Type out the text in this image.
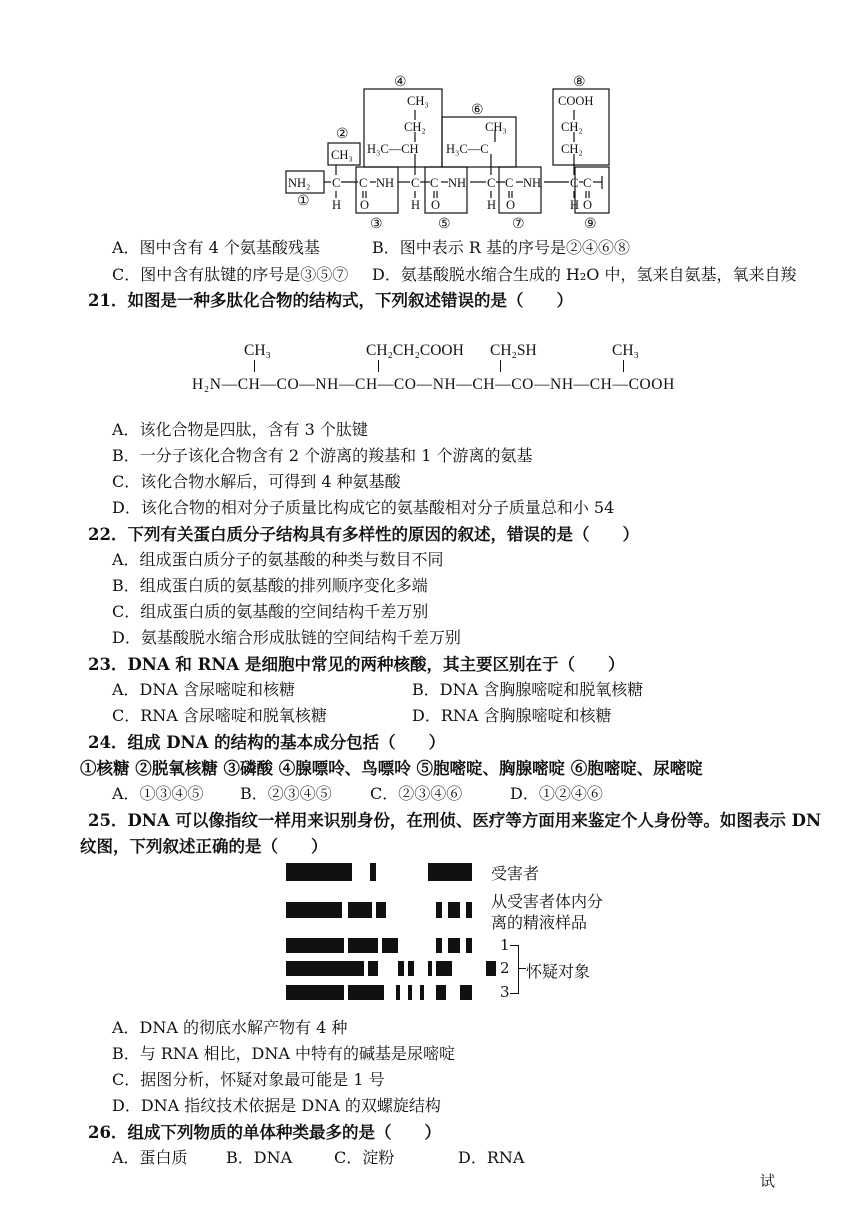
NH₂
CH₃
CH₃
CH₂
H₃C—CH
CH₃
H₃C—C
COOH
CH₂
CH₂
C C NH C C NH C C NH C C
H	H	H	H
O	O	O	O
①
②
③
④
⑤
⑥
⑦
⑧
⑨
A．图中含有 4 个氨基酸残基	B．图中表示 R 基的序号是②④⑥⑧
C．图中含有肽键的序号是③⑤⑦ D．氨基酸脱水缩合生成的 H₂O 中，氢来自氨基，氧来自羧
21．如图是一种多肽化合物的结构式，下列叙述错误的是（　　）
CH₃	CH₂CH₂COOH CH₂SH	CH₃
H₂N—CH—CO—NH—CH—CO—NH—CH—CO—NH—CH—COOH
A．该化合物是四肽，含有 3 个肽键
B．一分子该化合物含有 2 个游离的羧基和 1 个游离的氨基
C．该化合物水解后，可得到 4 种氨基酸
D．该化合物的相对分子质量比构成它的氨基酸相对分子质量总和小 54
22．下列有关蛋白质分子结构具有多样性的原因的叙述，错误的是（　　）
A．组成蛋白质分子的氨基酸的种类与数目不同
B．组成蛋白质的氨基酸的排列顺序变化多端
C．组成蛋白质的氨基酸的空间结构千差万别
D．氨基酸脱水缩合形成肽链的空间结构千差万别
23．DNA 和 RNA 是细胞中常见的两种核酸，其主要区别在于（　　）
A．DNA 含尿嘧啶和核糖	B．DNA 含胸腺嘧啶和脱氧核糖
C．RNA 含尿嘧啶和脱氧核糖	D．RNA 含胸腺嘧啶和核糖
24．组成 DNA 的结构的基本成分包括（　　）
①核糖 ②脱氧核糖 ③磷酸 ④腺嘌呤、鸟嘌呤 ⑤胞嘧啶、胸腺嘧啶 ⑥胞嘧啶、尿嘧啶
A．①③④⑤ B．②③④⑤ C．②③④⑥	D．①②④⑥
25．DNA 可以像指纹一样用来识别身份，在刑侦、医疗等方面用来鉴定个人身份等。如图表示 DN
纹图，下列叙述正确的是（　　）
受害者
从受害者体内分
离的精液样品
1
2
3
怀疑对象
A．DNA 的彻底水解产物有 4 种
B．与 RNA 相比，DNA 中特有的碱基是尿嘧啶
C．据图分析，怀疑对象最可能是 1 号
D．DNA 指纹技术依据是 DNA 的双螺旋结构
26．组成下列物质的单体种类最多的是（　　）
A．蛋白质 B．DNA	C．淀粉	D．RNA
试
